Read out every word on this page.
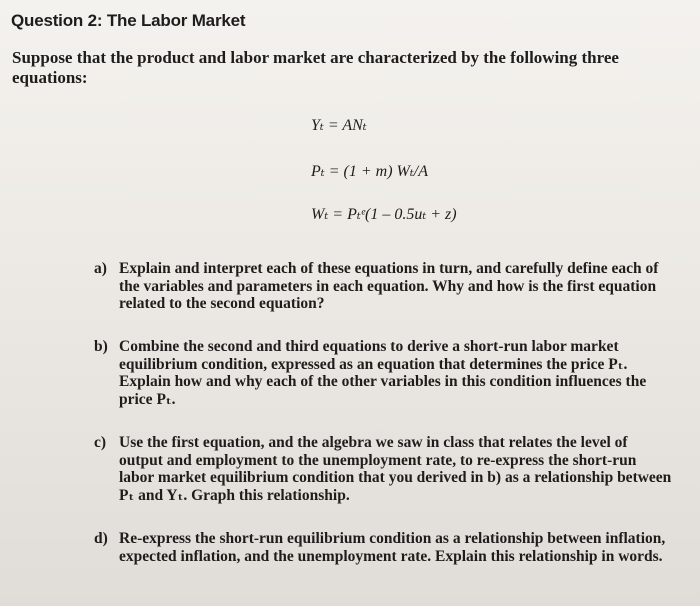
Question 2: The Labor Market
Suppose that the product and labor market are characterized by the following three equations:
Yₜ = ANₜ
Pₜ = (1 + m) Wₜ/A
Wₜ = Pₜᵉ(1 – 0.5uₜ + z)
a) Explain and interpret each of these equations in turn, and carefully define each of the variables and parameters in each equation. Why and how is the first equation related to the second equation?
b) Combine the second and third equations to derive a short-run labor market equilibrium condition, expressed as an equation that determines the price Pₜ. Explain how and why each of the other variables in this condition influences the price Pₜ.
c) Use the first equation, and the algebra we saw in class that relates the level of output and employment to the unemployment rate, to re-express the short-run labor market equilibrium condition that you derived in b) as a relationship between Pₜ and Yₜ. Graph this relationship.
d) Re-express the short-run equilibrium condition as a relationship between inflation, expected inflation, and the unemployment rate. Explain this relationship in words.
